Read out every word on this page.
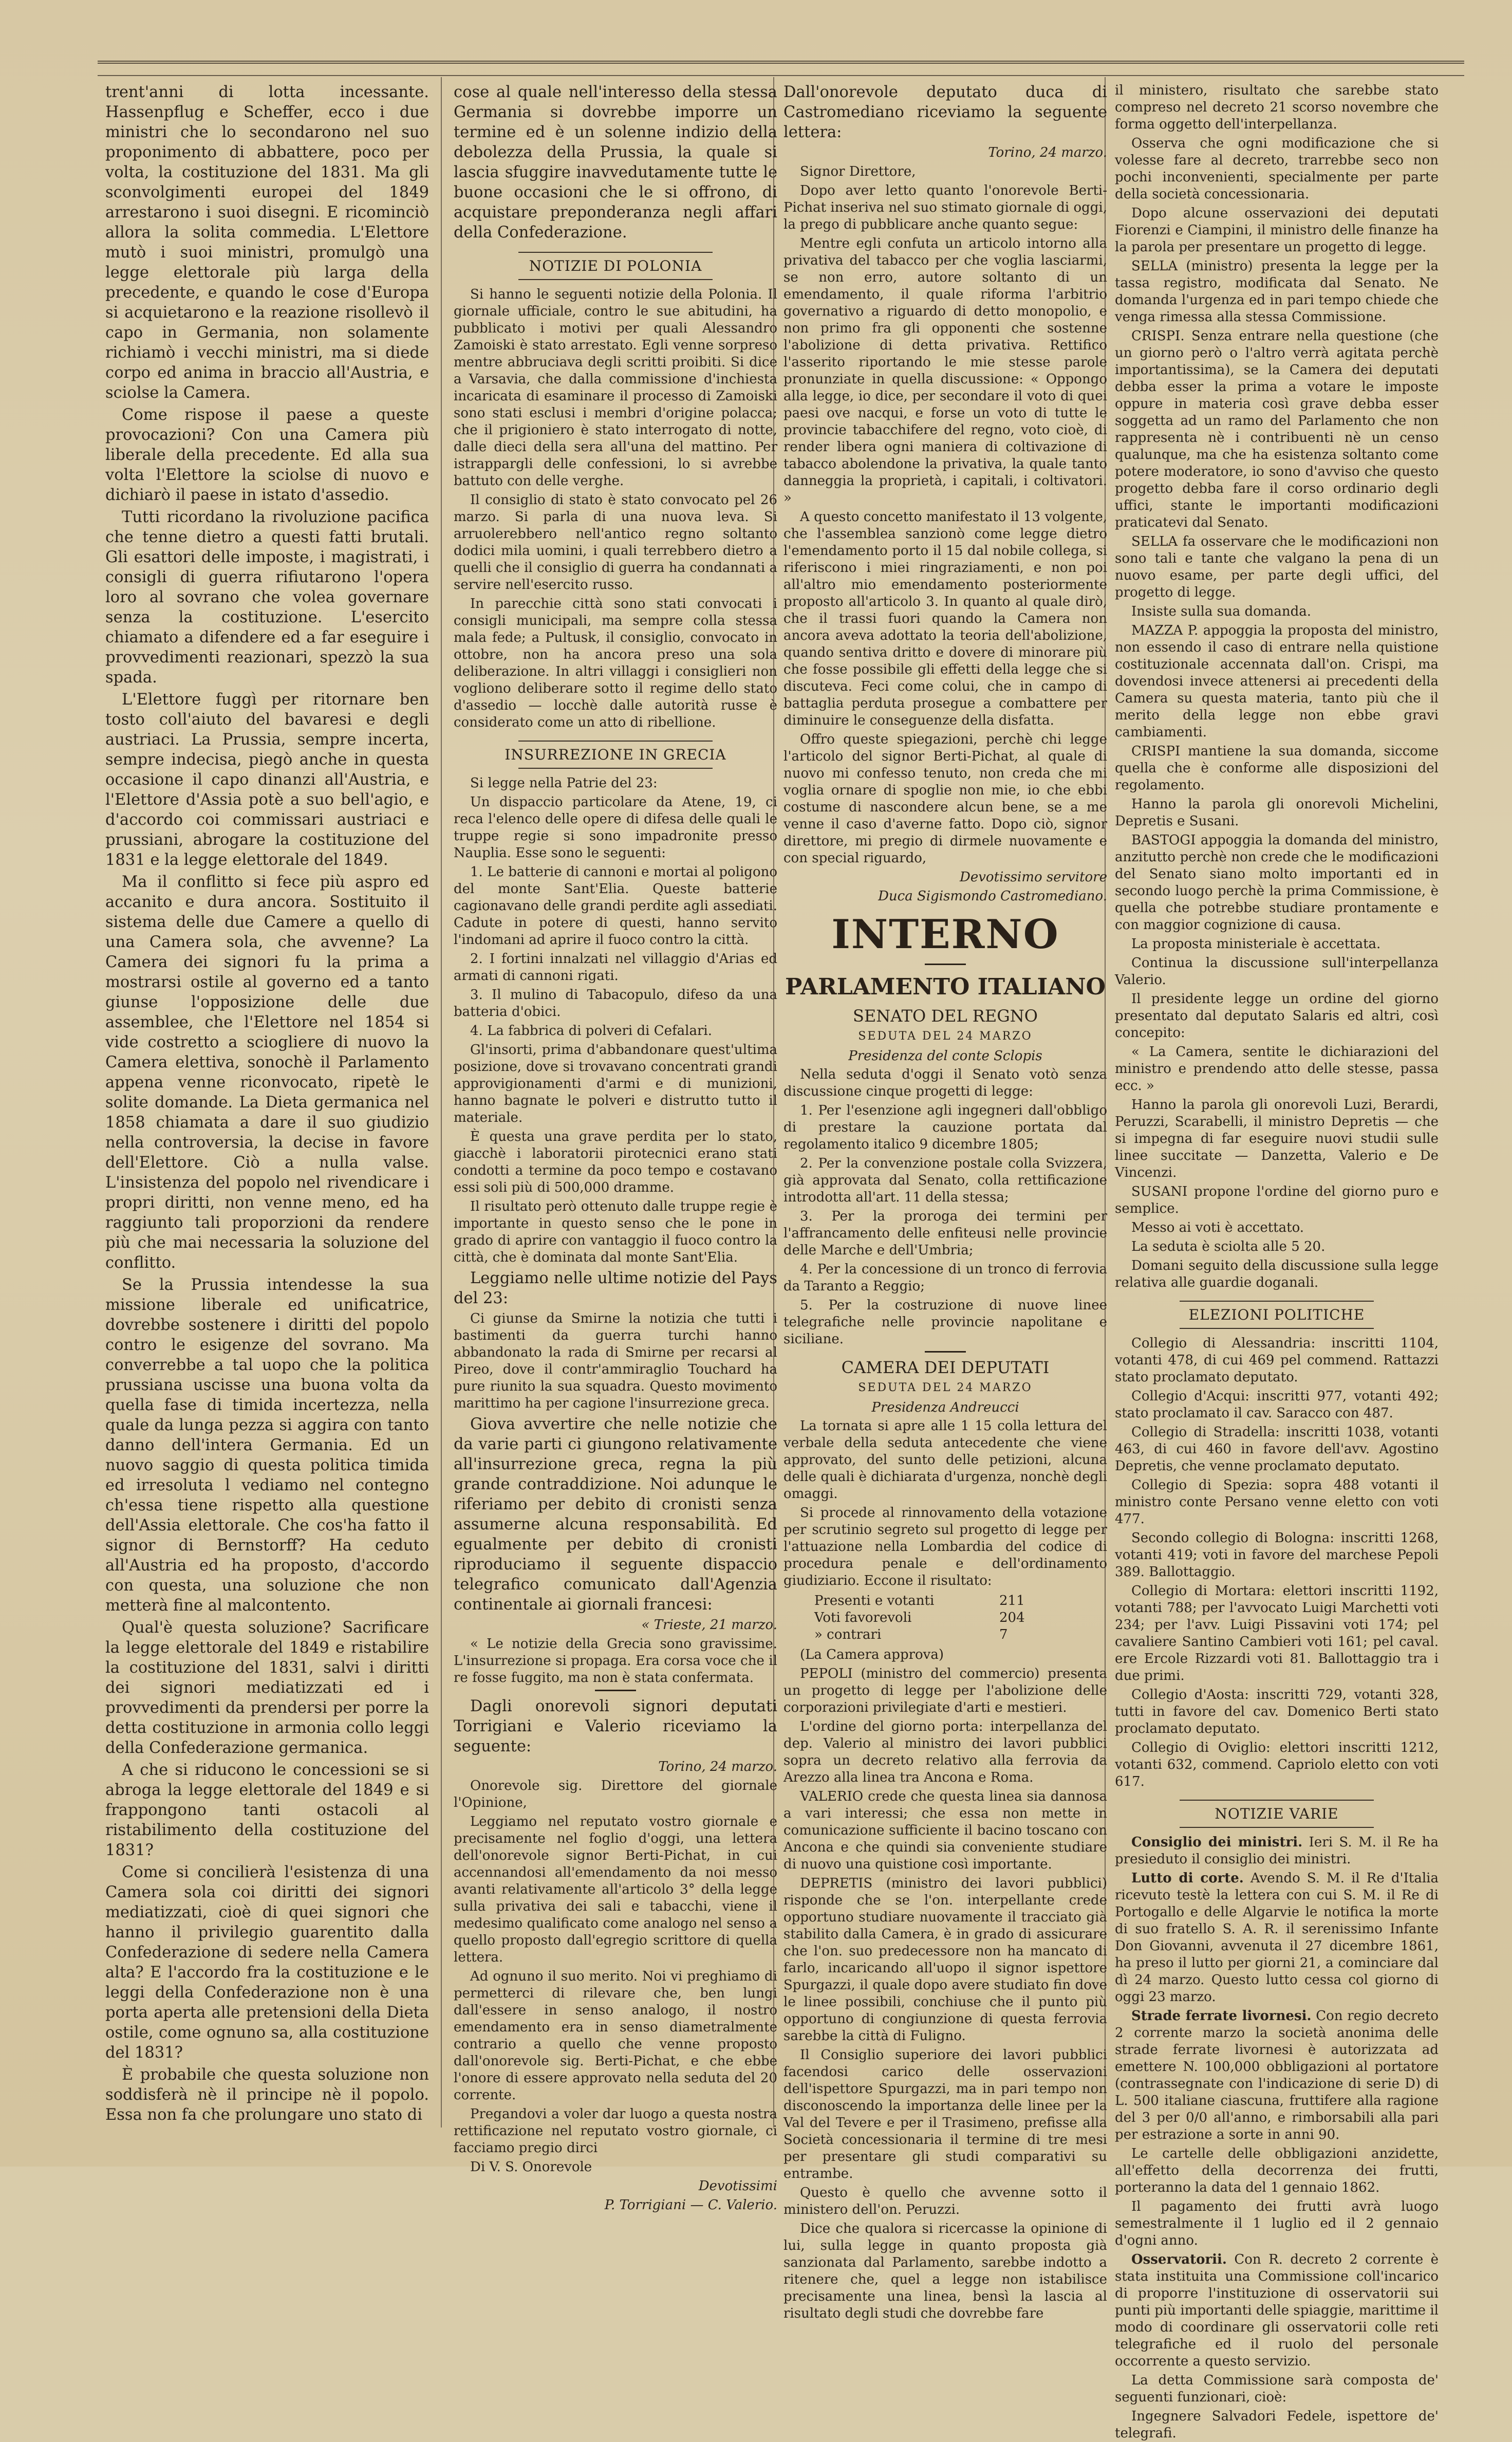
trent'anni di lotta incessante. Hassenpflug e Scheffer, ecco i due ministri che lo secondarono nel suo proponimento di abbattere, poco per volta, la costituzione del 1831. Ma gli sconvolgimenti europei del 1849 arrestarono i suoi disegni. E ricominciò allora la solita commedia. L'Elettore mutò i suoi ministri, promulgò una legge elettorale più larga della precedente, e quando le cose d'Europa si acquietarono e la reazione risollevò il capo in Germania, non solamente richiamò i vecchi ministri, ma si diede corpo ed anima in braccio all'Austria, e sciolse la Camera.

Come rispose il paese a queste provocazioni? Con una Camera più liberale della precedente. Ed alla sua volta l'Elettore la sciolse di nuovo e dichiarò il paese in istato d'assedio.

Tutti ricordano la rivoluzione pacifica che tenne dietro a questi fatti brutali. Gli esattori delle imposte, i magistrati, i consigli di guerra rifiutarono l'opera loro al sovrano che volea governare senza la costituzione. L'esercito chiamato a difendere ed a far eseguire i provvedimenti reazionari, spezzò la sua spada.

L'Elettore fuggì per ritornare ben tosto coll'aiuto del bavaresi e degli austriaci. La Prussia, sempre incerta, sempre indecisa, piegò anche in questa occasione il capo dinanzi all'Austria, e l'Elettore d'Assia potè a suo bell'agio, e d'accordo coi commissari austriaci e prussiani, abrogare la costituzione del 1831 e la legge elettorale del 1849.

Ma il conflitto si fece più aspro ed accanito e dura ancora. Sostituito il sistema delle due Camere a quello di una Camera sola, che avvenne? La Camera dei signori fu la prima a mostrarsi ostile al governo ed a tanto giunse l'opposizione delle due assemblee, che l'Elettore nel 1854 si vide costretto a sciogliere di nuovo la Camera elettiva, sonochè il Parlamento appena venne riconvocato, ripetè le solite domande. La Dieta germanica nel 1858 chiamata a dare il suo giudizio nella controversia, la decise in favore dell'Elettore. Ciò a nulla valse. L'insistenza del popolo nel rivendicare i propri diritti, non venne meno, ed ha raggiunto tali proporzioni da rendere più che mai necessaria la soluzione del conflitto.

Se la Prussia intendesse la sua missione liberale ed unificatrice, dovrebbe sostenere i diritti del popolo contro le esigenze del sovrano. Ma converrebbe a tal uopo che la politica prussiana uscisse una buona volta da quella fase di timida incertezza, nella quale da lunga pezza si aggira con tanto danno dell'intera Germania. Ed un nuovo saggio di questa politica timida ed irresoluta l vediamo nel contegno ch'essa tiene rispetto alla questione dell'Assia elettorale. Che cos'ha fatto il signor di Bernstorff? Ha ceduto all'Austria ed ha proposto, d'accordo con questa, una soluzione che non metterà fine al malcontento.

Qual'è questa soluzione? Sacrificare la legge elettorale del 1849 e ristabilire la costituzione del 1831, salvi i diritti dei signori mediatizzati ed i provvedimenti da prendersi per porre la detta costituzione in armonia collo leggi della Confederazione germanica.

A che si riducono le concessioni se si abroga la legge elettorale del 1849 e si frappongono tanti ostacoli al ristabilimento della costituzione del 1831?

Come si concilierà l'esistenza di una Camera sola coi diritti dei signori mediatizzati, cioè di quei signori che hanno il privilegio guarentito dalla Confederazione di sedere nella Camera alta? E l'accordo fra la costituzione e le leggi della Confederazione non è una porta aperta alle pretensioni della Dieta ostile, come ognuno sa, alla costituzione del 1831?

È probabile che questa soluzione non soddisferà nè il principe nè il popolo. Essa non fa che prolungare uno stato di

cose al quale nell'interesso della stessa Germania si dovrebbe imporre un termine ed è un solenne indizio della debolezza della Prussia, la quale si lascia sfuggire inavvedutamente tutte le buone occasioni che le si offrono, di acquistare preponderanza negli affari della Confederazione.

NOTIZIE DI POLONIA

Si hanno le seguenti notizie della Polonia. Il giornale ufficiale, contro le sue abitudini, ha pubblicato i motivi per quali Alessandro Zamoiski è stato arrestato. Egli venne sorpreso mentre abbruciava degli scritti proibiti. Si dice a Varsavia, che dalla commissione d'inchiesta incaricata di esaminare il processo di Zamoiski sono stati esclusi i membri d'origine polacca; che il prigioniero è stato interrogato di notte, dalle dieci della sera all'una del mattino. Per istrappargli delle confessioni, lo si avrebbe battuto con delle verghe.

Il consiglio di stato è stato convocato pel 26 marzo. Si parla di una nuova leva. Si arruolerebbero nell'antico regno soltanto dodici mila uomini, i quali terrebbero dietro a quelli che il consiglio di guerra ha condannati a servire nell'esercito russo.

In parecchie città sono stati convocati i consigli municipali, ma sempre colla stessa mala fede; a Pultusk, il consiglio, convocato in ottobre, non ha ancora preso una sola deliberazione. In altri villaggi i consiglieri non vogliono deliberare sotto il regime dello stato d'assedio — locchè dalle autorità russe è considerato come un atto di ribellione.

INSURREZIONE IN GRECIA

Si legge nella Patrie del 23:

Un dispaccio particolare da Atene, 19, ci reca l'elenco delle opere di difesa delle quali le truppe regie si sono impadronite presso Nauplia. Esse sono le seguenti:

1. Le batterie di cannoni e mortai al poligono del monte Sant'Elia. Queste batterie cagionavano delle grandi perdite agli assediati. Cadute in potere di questi, hanno servito l'indomani ad aprire il fuoco contro la città.

2. I fortini innalzati nel villaggio d'Arias ed armati di cannoni rigati.

3. Il mulino di Tabacopulo, difeso da una batteria d'obici.

4. La fabbrica di polveri di Cefalari.

Gl'insorti, prima d'abbandonare quest'ultima posizione, dove si trovavano concentrati grandi approvigionamenti d'armi e di munizioni, hanno bagnate le polveri e distrutto tutto il materiale.

È questa una grave perdita per lo stato, giacchè i laboratorii pirotecnici erano stati condotti a termine da poco tempo e costavano essi soli più di 500,000 dramme.

Il risultato però ottenuto dalle truppe regie è importante in questo senso che le pone in grado di aprire con vantaggio il fuoco contro la città, che è dominata dal monte Sant'Elia.

Leggiamo nelle ultime notizie del Pays del 23:

Ci giunse da Smirne la notizia che tutti i bastimenti da guerra turchi hanno abbandonato la rada di Smirne per recarsi al Pireo, dove il contr'ammiraglio Touchard ha pure riunito la sua squadra. Questo movimento marittimo ha per cagione l'insurrezione greca.

Giova avvertire che nelle notizie che da varie parti ci giungono relativamente all'insurrezione greca, regna la più grande contraddizione. Noi adunque le riferiamo per debito di cronisti senza assumerne alcuna responsabilità. Ed egualmente per debito di cronisti riproduciamo il seguente dispaccio telegrafico comunicato dall'Agenzia continentale ai giornali francesi:

« Trieste, 21 marzo.

« Le notizie della Grecia sono gravissime. L'insurrezione si propaga. Era corsa voce che il re fosse fuggito, ma non è stata confermata.

Dagli onorevoli signori deputati Torrigiani e Valerio riceviamo la seguente:

Torino, 24 marzo.

Onorevole sig. Direttore del giornale l'Opinione,

Leggiamo nel reputato vostro giornale e precisamente nel foglio d'oggi, una lettera dell'onorevole signor Berti-Pichat, in cui accennandosi all'emendamento da noi messo avanti relativamente all'articolo 3° della legge sulla privativa dei sali e tabacchi, viene il medesimo qualificato come analogo nel senso a quello proposto dall'egregio scrittore di quella lettera.

Ad ognuno il suo merito. Noi vi preghiamo di permetterci di rilevare che, ben lungi dall'essere in senso analogo, il nostro emendamento era in senso diametralmente contrario a quello che venne proposto dall'onorevole sig. Berti-Pichat, e che ebbe l'onore di essere approvato nella seduta del 20 corrente.

Pregandovi a voler dar luogo a questa nostra rettificazione nel reputato vostro giornale, ci facciamo pregio dirci

Di V. S. Onorevole

Devotissimi

P. Torrigiani — C. Valerio.

Dall'onorevole deputato duca di Castromediano riceviamo la seguente lettera:

Torino, 24 marzo.

Signor Direttore,

Dopo aver letto quanto l'onorevole Berti-Pichat inseriva nel suo stimato giornale di oggi, la prego di pubblicare anche quanto segue:

Mentre egli confuta un articolo intorno alla privativa del tabacco per che voglia lasciarmi, se non erro, autore soltanto di un emendamento, il quale riforma l'arbitrio governativo a riguardo di detto monopolio, e non primo fra gli opponenti che sostenne l'abolizione di detta privativa. Rettifico l'asserito riportando le mie stesse parole pronunziate in quella discussione: « Oppongo alla legge, io dice, per secondare il voto di quei paesi ove nacqui, e forse un voto di tutte le provincie tabacchifere del regno, voto cioè, di render libera ogni maniera di coltivazione di tabacco abolendone la privativa, la quale tanto danneggia la proprietà, i capitali, i coltivatori. »

A questo concetto manifestato il 13 volgente, che l'assemblea sanzionò come legge dietro l'emendamento porto il 15 dal nobile collega, si riferiscono i miei ringraziamenti, e non poi all'altro mio emendamento posteriormente proposto all'articolo 3. In quanto al quale dirò, che il trassi fuori quando la Camera non ancora aveva adottato la teoria dell'abolizione, quando sentiva dritto e dovere di minorare più che fosse possibile gli effetti della legge che si discuteva. Feci come colui, che in campo di battaglia perduta prosegue a combattere per diminuire le conseguenze della disfatta.

Offro queste spiegazioni, perchè chi legge l'articolo del signor Berti-Pichat, al quale di nuovo mi confesso tenuto, non creda che mi voglia ornare di spoglie non mie, io che ebbi costume di nascondere alcun bene, se a me venne il caso d'averne fatto. Dopo ciò, signor direttore, mi pregio di dirmele nuovamente e con special riguardo,

Devotissimo servitore

Duca Sigismondo Castromediano.

INTERNO
PARLAMENTO ITALIANO
SENATO DEL REGNO
SEDUTA DEL 24 MARZO
Presidenza del conte Sclopis

Nella seduta d'oggi il Senato votò senza discussione cinque progetti di legge:

1. Per l'esenzione agli ingegneri dall'obbligo di prestare la cauzione portata dal regolamento italico 9 dicembre 1805;

2. Per la convenzione postale colla Svizzera, già approvata dal Senato, colla rettificazione introdotta all'art. 11 della stessa;

3. Per la proroga dei termini per l'affrancamento delle enfiteusi nelle provincie delle Marche e dell'Umbria;

4. Per la concessione di un tronco di ferrovia da Taranto a Reggio;

5. Per la costruzione di nuove linee telegrafiche nelle provincie napolitane e siciliane.

CAMERA DEI DEPUTATI
SEDUTA DEL 24 MARZO
Presidenza Andreucci

La tornata si apre alle 1 15 colla lettura del verbale della seduta antecedente che viene approvato, del sunto delle petizioni, alcuna delle quali è dichiarata d'urgenza, nonchè degli omaggi.

Si procede al rinnovamento della votazione per scrutinio segreto sul progetto di legge per l'attuazione nella Lombardia del codice di procedura penale e dell'ordinamento giudiziario. Eccone il risultato:

Presenti e votanti	211
Voti favorevoli	204
» contrari	7

(La Camera approva)

PEPOLI (ministro del commercio) presenta un progetto di legge per l'abolizione delle corporazioni privilegiate d'arti e mestieri.

L'ordine del giorno porta: interpellanza del dep. Valerio al ministro dei lavori pubblici sopra un decreto relativo alla ferrovia da Arezzo alla linea tra Ancona e Roma.

VALERIO crede che questa linea sia dannosa a vari interessi; che essa non mette in comunicazione sufficiente il bacino toscano con Ancona e che quindi sia conveniente studiare di nuovo una quistione così importante.

DEPRETIS (ministro dei lavori pubblici) risponde che se l'on. interpellante crede opportuno studiare nuovamente il tracciato già stabilito dalla Camera, è in grado di assicurare che l'on. suo predecessore non ha mancato di farlo, incaricando all'uopo il signor ispettore Spurgazzi, il quale dopo avere studiato fin dove le linee possibili, conchiuse che il punto più opportuno di congiunzione di questa ferrovia sarebbe la città di Fuligno.

Il Consiglio superiore dei lavori pubblici facendosi carico delle osservazioni dell'ispettore Spurgazzi, ma in pari tempo non disconoscendo la importanza delle linee per la Val del Tevere e per il Trasimeno, prefisse alla Società concessionaria il termine di tre mesi per presentare gli studi comparativi su entrambe.

Questo è quello che avvenne sotto il ministero dell'on. Peruzzi.

Dice che qualora si ricercasse la opinione di lui, sulla legge in quanto proposta già sanzionata dal Parlamento, sarebbe indotto a ritenere che, quel a legge non istabilisce precisamente una linea, bensì la lascia al risultato degli studi che dovrebbe fare

il ministero, risultato che sarebbe stato compreso nel decreto 21 scorso novembre che forma oggetto dell'interpellanza.

Osserva che ogni modificazione che si volesse fare al decreto, trarrebbe seco non pochi inconvenienti, specialmente per parte della società concessionaria.

Dopo alcune osservazioni dei deputati Fiorenzi e Ciampini, il ministro delle finanze ha la parola per presentare un progetto di legge.

SELLA (ministro) presenta la legge per la tassa registro, modificata dal Senato. Ne domanda l'urgenza ed in pari tempo chiede che venga rimessa alla stessa Commissione.

CRISPI. Senza entrare nella questione (che un giorno però o l'altro verrà agitata perchè importantissima), se la Camera dei deputati debba esser la prima a votare le imposte oppure in materia così grave debba esser soggetta ad un ramo del Parlamento che non rappresenta nè i contribuenti nè un censo qualunque, ma che ha esistenza soltanto come potere moderatore, io sono d'avviso che questo progetto debba fare il corso ordinario degli uffici, stante le importanti modificazioni praticatevi dal Senato.

SELLA fa osservare che le modificazioni non sono tali e tante che valgano la pena di un nuovo esame, per parte degli uffici, del progetto di legge.

Insiste sulla sua domanda.

MAZZA P. appoggia la proposta del ministro, non essendo il caso di entrare nella quistione costituzionale accennata dall'on. Crispi, ma dovendosi invece attenersi ai precedenti della Camera su questa materia, tanto più che il merito della legge non ebbe gravi cambiamenti.

CRISPI mantiene la sua domanda, siccome quella che è conforme alle disposizioni del regolamento.

Hanno la parola gli onorevoli Michelini, Depretis e Susani.

BASTOGI appoggia la domanda del ministro, anzitutto perchè non crede che le modificazioni del Senato siano molto importanti ed in secondo luogo perchè la prima Commissione, è quella che potrebbe studiare prontamente e con maggior cognizione di causa.

La proposta ministeriale è accettata.

Continua la discussione sull'interpellanza Valerio.

Il presidente legge un ordine del giorno presentato dal deputato Salaris ed altri, così concepito:

« La Camera, sentite le dichiarazioni del ministro e prendendo atto delle stesse, passa ecc. »

Hanno la parola gli onorevoli Luzi, Berardi, Peruzzi, Scarabelli, il ministro Depretis — che si impegna di far eseguire nuovi studii sulle linee succitate — Danzetta, Valerio e De Vincenzi.

SUSANI propone l'ordine del giorno puro e semplice.

Messo ai voti è accettato.

La seduta è sciolta alle 5 20.

Domani seguito della discussione sulla legge relativa alle guardie doganali.

ELEZIONI POLITICHE

Collegio di Alessandria: inscritti 1104, votanti 478, di cui 469 pel commend. Rattazzi stato proclamato deputato.

Collegio d'Acqui: inscritti 977, votanti 492; stato proclamato il cav. Saracco con 487.

Collegio di Stradella: inscritti 1038, votanti 463, di cui 460 in favore dell'avv. Agostino Depretis, che venne proclamato deputato.

Collegio di Spezia: sopra 488 votanti il ministro conte Persano venne eletto con voti 477.

Secondo collegio di Bologna: inscritti 1268, votanti 419; voti in favore del marchese Pepoli 389. Ballottaggio.

Collegio di Mortara: elettori inscritti 1192, votanti 788; per l'avvocato Luigi Marchetti voti 234; per l'avv. Luigi Pissavini voti 174; pel cavaliere Santino Cambieri voti 161; pel caval. ere Ercole Rizzardi voti 81. Ballottaggio tra i due primi.

Collegio d'Aosta: inscritti 729, votanti 328, tutti in favore del cav. Domenico Berti stato proclamato deputato.

Collegio di Oviglio: elettori inscritti 1212, votanti 632, commend. Capriolo eletto con voti 617.

NOTIZIE VARIE

Consiglio dei ministri. Ieri S. M. il Re ha presieduto il consiglio dei ministri.

Lutto di corte. Avendo S. M. il Re d'Italia ricevuto testè la lettera con cui S. M. il Re di Portogallo e delle Algarvie le notifica la morte di suo fratello S. A. R. il serenissimo Infante Don Giovanni, avvenuta il 27 dicembre 1861, ha preso il lutto per giorni 21, a cominciare dal dì 24 marzo. Questo lutto cessa col giorno di oggi 23 marzo.

Strade ferrate livornesi. Con regio decreto 2 corrente marzo la società anonima delle strade ferrate livornesi è autorizzata ad emettere N. 100,000 obbligazioni al portatore (contrassegnate con l'indicazione di serie D) di L. 500 italiane ciascuna, fruttifere alla ragione del 3 per 0/0 all'anno, e rimborsabili alla pari per estrazione a sorte in anni 90.

Le cartelle delle obbligazioni anzidette, all'effetto della decorrenza dei frutti, porteranno la data del 1 gennaio 1862.

Il pagamento dei frutti avrà luogo semestralmente il 1 luglio ed il 2 gennaio d'ogni anno.

Osservatorii. Con R. decreto 2 corrente è stata instituita una Commissione coll'incarico di proporre l'instituzione di osservatorii sui punti più importanti delle spiaggie, marittime il modo di coordinare gli osservatorii colle reti telegrafiche ed il ruolo del personale occorrente a questo servizio.

La detta Commissione sarà composta de' seguenti funzionari, cioè:

Ingegnere Salvadori Fedele, ispettore de' telegrafi.
